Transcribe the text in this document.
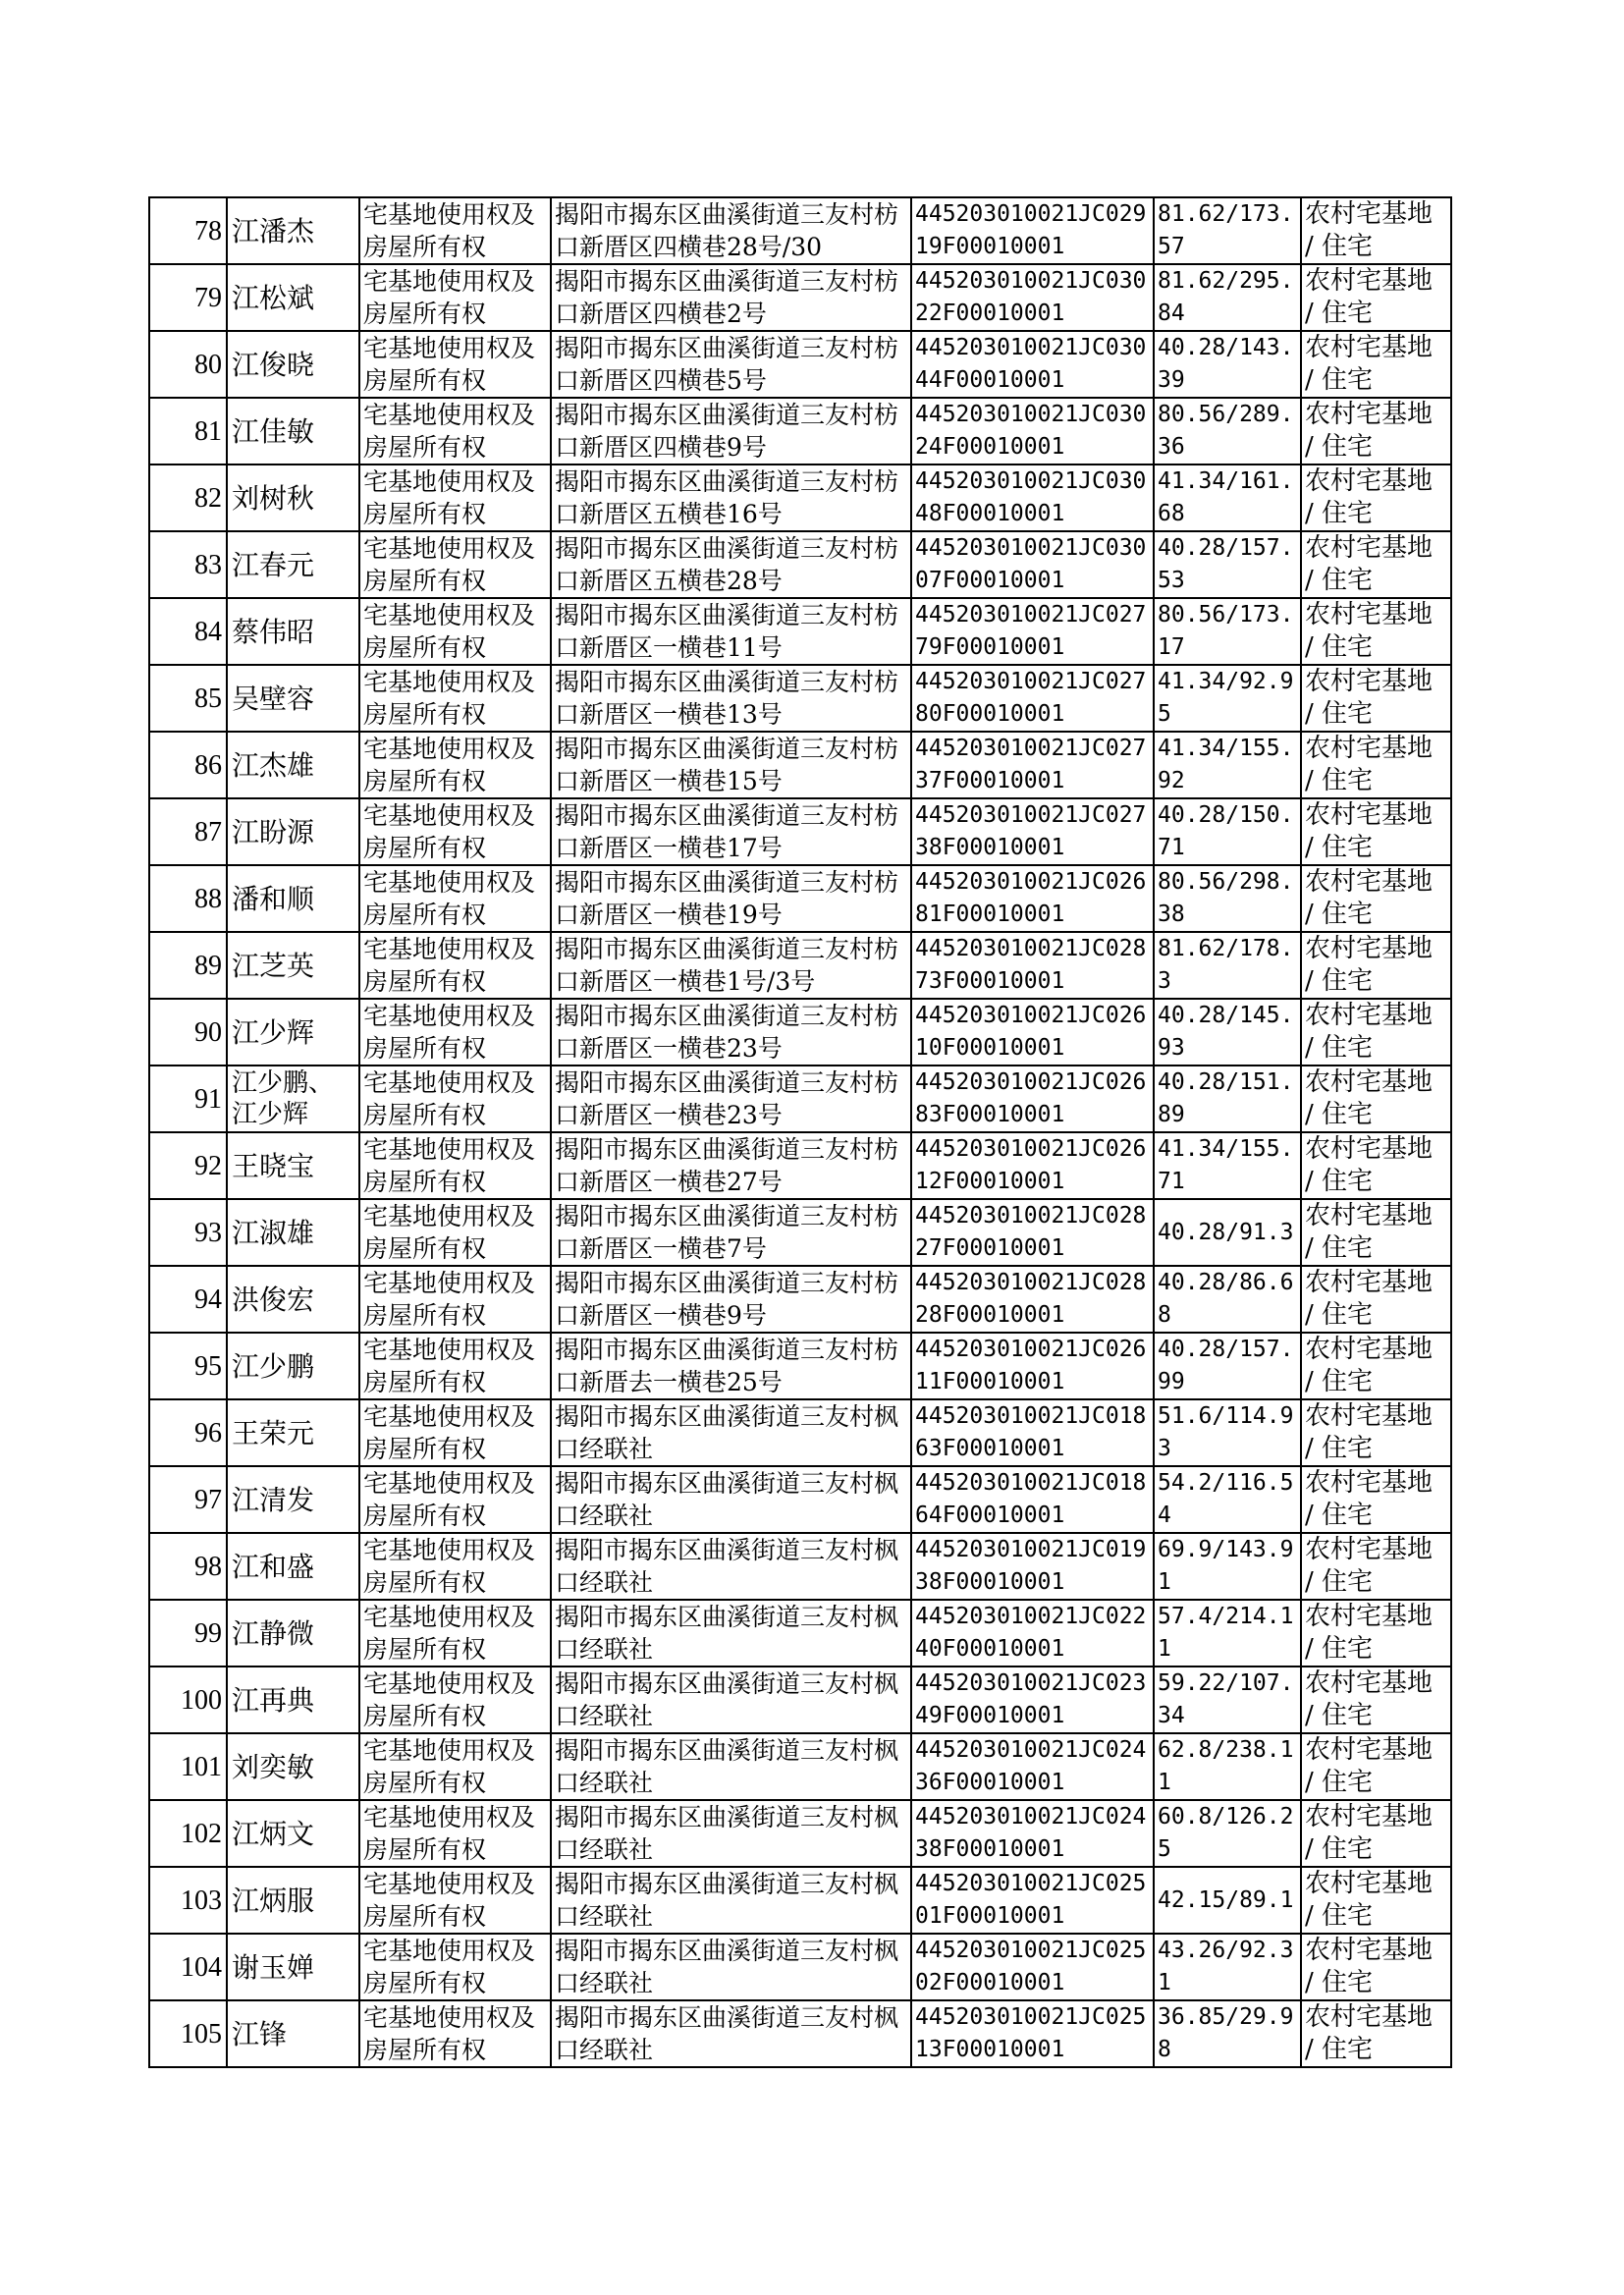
78	江潘杰	宅基地使用权及房屋所有权	揭阳市揭东区曲溪街道三友村枋口新厝区四横巷28号/30	445203010021JC02919F00010001	81.62/173.57	农村宅基地 / 住宅
79	江松斌	宅基地使用权及房屋所有权	揭阳市揭东区曲溪街道三友村枋口新厝区四横巷2号	445203010021JC03022F00010001	81.62/295.84	农村宅基地 / 住宅
80	江俊晓	宅基地使用权及房屋所有权	揭阳市揭东区曲溪街道三友村枋口新厝区四横巷5号	445203010021JC03044F00010001	40.28/143.39	农村宅基地 / 住宅
81	江佳敏	宅基地使用权及房屋所有权	揭阳市揭东区曲溪街道三友村枋口新厝区四横巷9号	445203010021JC03024F00010001	80.56/289.36	农村宅基地 / 住宅
82	刘树秋	宅基地使用权及房屋所有权	揭阳市揭东区曲溪街道三友村枋口新厝区五横巷16号	445203010021JC03048F00010001	41.34/161.68	农村宅基地 / 住宅
83	江春元	宅基地使用权及房屋所有权	揭阳市揭东区曲溪街道三友村枋口新厝区五横巷28号	445203010021JC03007F00010001	40.28/157.53	农村宅基地 / 住宅
84	蔡伟昭	宅基地使用权及房屋所有权	揭阳市揭东区曲溪街道三友村枋口新厝区一横巷11号	445203010021JC02779F00010001	80.56/173.17	农村宅基地 / 住宅
85	吴壁容	宅基地使用权及房屋所有权	揭阳市揭东区曲溪街道三友村枋口新厝区一横巷13号	445203010021JC02780F00010001	41.34/92.95	农村宅基地 / 住宅
86	江杰雄	宅基地使用权及房屋所有权	揭阳市揭东区曲溪街道三友村枋口新厝区一横巷15号	445203010021JC02737F00010001	41.34/155.92	农村宅基地 / 住宅
87	江盼源	宅基地使用权及房屋所有权	揭阳市揭东区曲溪街道三友村枋口新厝区一横巷17号	445203010021JC02738F00010001	40.28/150.71	农村宅基地 / 住宅
88	潘和顺	宅基地使用权及房屋所有权	揭阳市揭东区曲溪街道三友村枋口新厝区一横巷19号	445203010021JC02681F00010001	80.56/298.38	农村宅基地 / 住宅
89	江芝英	宅基地使用权及房屋所有权	揭阳市揭东区曲溪街道三友村枋口新厝区一横巷1号/3号	445203010021JC02873F00010001	81.62/178.3	农村宅基地 / 住宅
90	江少辉	宅基地使用权及房屋所有权	揭阳市揭东区曲溪街道三友村枋口新厝区一横巷23号	445203010021JC02610F00010001	40.28/145.93	农村宅基地 / 住宅
91	江少鹏、江少辉	宅基地使用权及房屋所有权	揭阳市揭东区曲溪街道三友村枋口新厝区一横巷23号	445203010021JC02683F00010001	40.28/151.89	农村宅基地 / 住宅
92	王晓宝	宅基地使用权及房屋所有权	揭阳市揭东区曲溪街道三友村枋口新厝区一横巷27号	445203010021JC02612F00010001	41.34/155.71	农村宅基地 / 住宅
93	江淑雄	宅基地使用权及房屋所有权	揭阳市揭东区曲溪街道三友村枋口新厝区一横巷7号	445203010021JC02827F00010001	40.28/91.3	农村宅基地 / 住宅
94	洪俊宏	宅基地使用权及房屋所有权	揭阳市揭东区曲溪街道三友村枋口新厝区一横巷9号	445203010021JC02828F00010001	40.28/86.68	农村宅基地 / 住宅
95	江少鹏	宅基地使用权及房屋所有权	揭阳市揭东区曲溪街道三友村枋口新厝去一横巷25号	445203010021JC02611F00010001	40.28/157.99	农村宅基地 / 住宅
96	王荣元	宅基地使用权及房屋所有权	揭阳市揭东区曲溪街道三友村枫口经联社	445203010021JC01863F00010001	51.6/114.93	农村宅基地 / 住宅
97	江清发	宅基地使用权及房屋所有权	揭阳市揭东区曲溪街道三友村枫口经联社	445203010021JC01864F00010001	54.2/116.54	农村宅基地 / 住宅
98	江和盛	宅基地使用权及房屋所有权	揭阳市揭东区曲溪街道三友村枫口经联社	445203010021JC01938F00010001	69.9/143.91	农村宅基地 / 住宅
99	江静微	宅基地使用权及房屋所有权	揭阳市揭东区曲溪街道三友村枫口经联社	445203010021JC02240F00010001	57.4/214.11	农村宅基地 / 住宅
100	江再典	宅基地使用权及房屋所有权	揭阳市揭东区曲溪街道三友村枫口经联社	445203010021JC02349F00010001	59.22/107.34	农村宅基地 / 住宅
101	刘奕敏	宅基地使用权及房屋所有权	揭阳市揭东区曲溪街道三友村枫口经联社	445203010021JC02436F00010001	62.8/238.11	农村宅基地 / 住宅
102	江炳文	宅基地使用权及房屋所有权	揭阳市揭东区曲溪街道三友村枫口经联社	445203010021JC02438F00010001	60.8/126.25	农村宅基地 / 住宅
103	江炳服	宅基地使用权及房屋所有权	揭阳市揭东区曲溪街道三友村枫口经联社	445203010021JC02501F00010001	42.15/89.1	农村宅基地 / 住宅
104	谢玉婵	宅基地使用权及房屋所有权	揭阳市揭东区曲溪街道三友村枫口经联社	445203010021JC02502F00010001	43.26/92.31	农村宅基地 / 住宅
105	江锋	宅基地使用权及房屋所有权	揭阳市揭东区曲溪街道三友村枫口经联社	445203010021JC02513F00010001	36.85/29.98	农村宅基地 / 住宅
